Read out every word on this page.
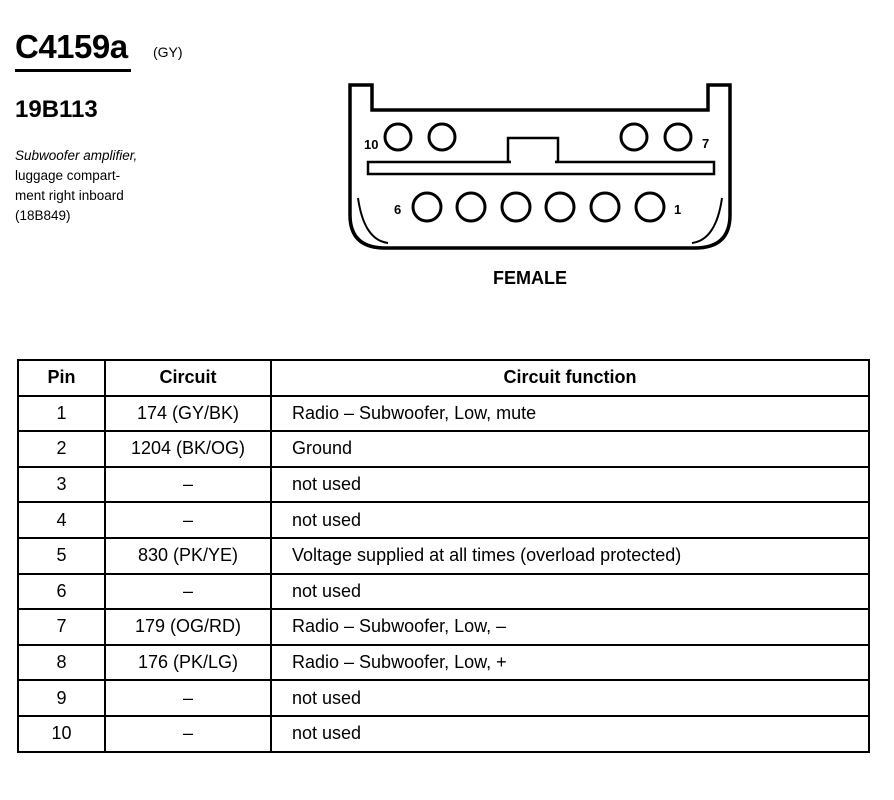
C4159a (GY)
19B113
Subwoofer amplifier,
luggage compart-
ment right inboard
(18B849)
10	7
6	1
FEMALE
Pin	Circuit	Circuit function
1	174 (GY/BK)	Radio – Subwoofer, Low, mute
2	1204 (BK/OG)	Ground
3	–	not used
4	–	not used
5	830 (PK/YE)	Voltage supplied at all times (overload protected)
6	–	not used
7	179 (OG/RD)	Radio – Subwoofer, Low, –
8	176 (PK/LG)	Radio – Subwoofer, Low, +
9	–	not used
10	–	not used
